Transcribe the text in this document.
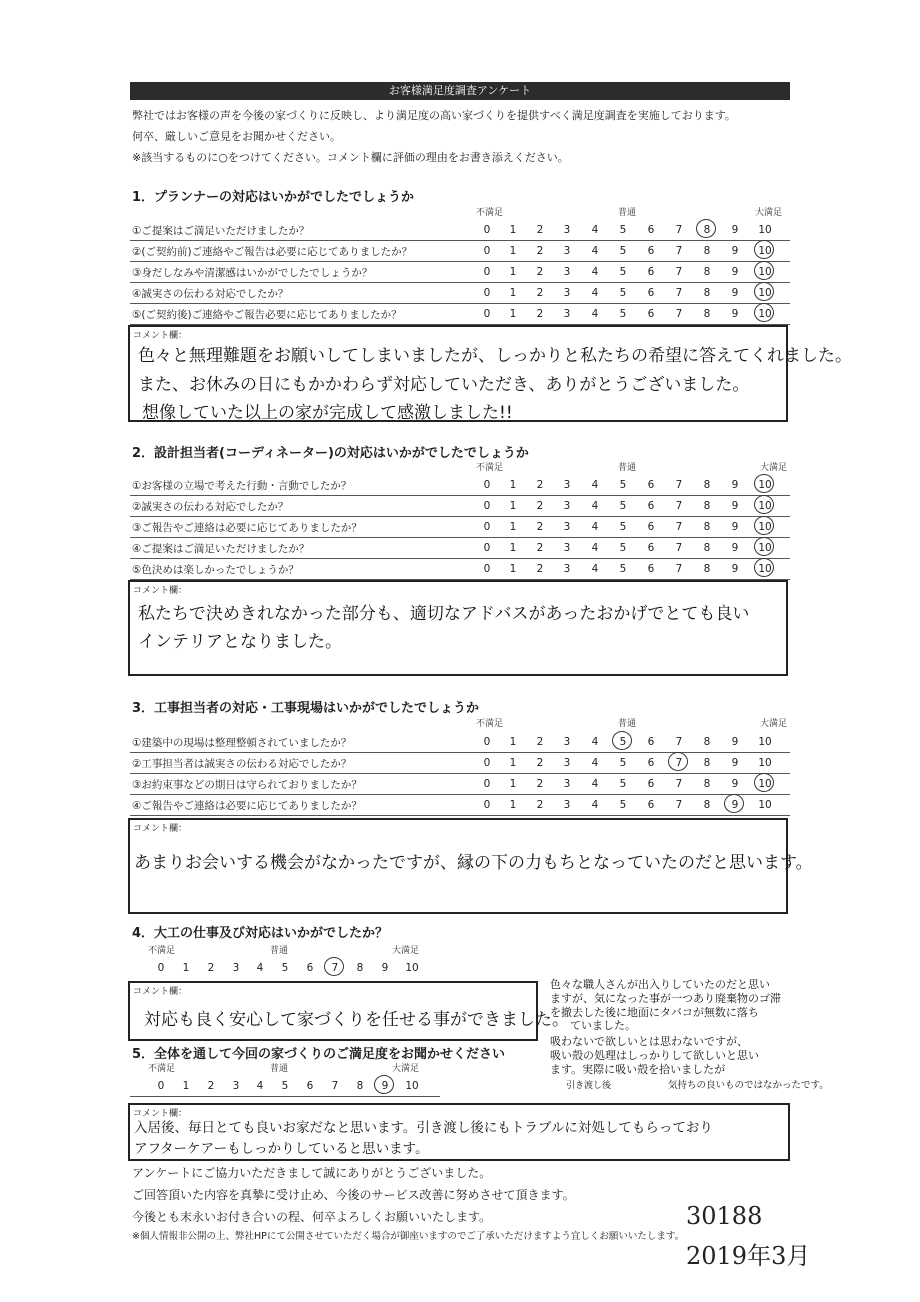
お客様満足度調査アンケート
弊社ではお客様の声を今後の家づくりに反映し、より満足度の高い家づくりを提供すべく満足度調査を実施しております。
何卒、厳しいご意見をお聞かせください。
※該当するものに○をつけてください。コメント欄に評価の理由をお書き添えください。
1．プランナーの対応はいかがでしたでしょうか
不満足	普通	大満足
①ご提案はご満足いただけましたか？	0	1	2	3	4	5	6	7	8	9	10
②(ご契約前)ご連絡やご報告は必要に応じてありましたか？	0	1	2	3	4	5	6	7	8	9	10
③身だしなみや清潔感はいかがでしたでしょうか？	0	1	2	3	4	5	6	7	8	9	10
④誠実さの伝わる対応でしたか？	0	1	2	3	4	5	6	7	8	9	10
⑤(ご契約後)ご連絡やご報告必要に応じてありましたか？	0	1	2	3	4	5	6	7	8	9	10
コメント欄：
色々と無理難題をお願いしてしまいましたが、しっかりと私たちの希望に答えてくれました。
また、お休みの日にもかかわらず対応していただき、ありがとうございました。
想像していた以上の家が完成して感激しました!!
2．設計担当者(コーディネーター)の対応はいかがでしたでしょうか
不満足	普通	大満足
①お客様の立場で考えた行動・言動でしたか？	0	1	2	3	4	5	6	7	8	9	10
②誠実さの伝わる対応でしたか？	0	1	2	3	4	5	6	7	8	9	10
③ご報告やご連絡は必要に応じてありましたか？	0	1	2	3	4	5	6	7	8	9	10
④ご提案はご満足いただけましたか？	0	1	2	3	4	5	6	7	8	9	10
⑤色決めは楽しかったでしょうか？	0	1	2	3	4	5	6	7	8	9	10
コメント欄：
私たちで決めきれなかった部分も、適切なアドバスがあったおかげでとても良い
インテリアとなりました。
3．工事担当者の対応・工事現場はいかがでしたでしょうか
不満足	普通	大満足
①建築中の現場は整理整頓されていましたか？	0	1	2	3	4	5	6	7	8	9	10
②工事担当者は誠実さの伝わる対応でしたか？	0	1	2	3	4	5	6	7	8	9	10
③お約束事などの期日は守られておりましたか？	0	1	2	3	4	5	6	7	8	9	10
④ご報告やご連絡は必要に応じてありましたか？	0	1	2	3	4	5	6	7	8	9	10
コメント欄：
あまりお会いする機会がなかったですが、縁の下の力もちとなっていたのだと思います。
4．大工の仕事及び対応はいかがでしたか？
不満足	普通	大満足
0	1	2	3	4	5	6	7	8	9	10
コメント欄：
対応も良く安心して家づくりを任せる事ができました。
色々な職人さんが出入りしていたのだと思い
ますが、気になった事が一つあり廃棄物のゴ滞
を撤去した後に地面にタバコが無数に落ち
ていました。
吸わないで欲しいとは思わないですが、
吸い殻の処理はしっかりして欲しいと思い
ます。実際に吸い殻を拾いましたが
引き渡し後	気持ちの良いものではなかったです。
5．全体を通して今回の家づくりのご満足度をお聞かせください
不満足	普通	大満足
0	1	2	3	4	5	6	7	8	9	10
コメント欄：
入居後、毎日とても良いお家だなと思います。引き渡し後にもトラブルに対処してもらっており
アフターケアーもしっかりしていると思います。
アンケートにご協力いただきまして誠にありがとうございました。
ご回答頂いた内容を真摯に受け止め、今後のサービス改善に努めさせて頂きます。
今後とも末永いお付き合いの程、何卒よろしくお願いいたします。
※個人情報非公開の上、弊社HPにて公開させていただく場合が御座いますのでご了承いただけますよう宜しくお願いいたします。
30188
2019年3月
